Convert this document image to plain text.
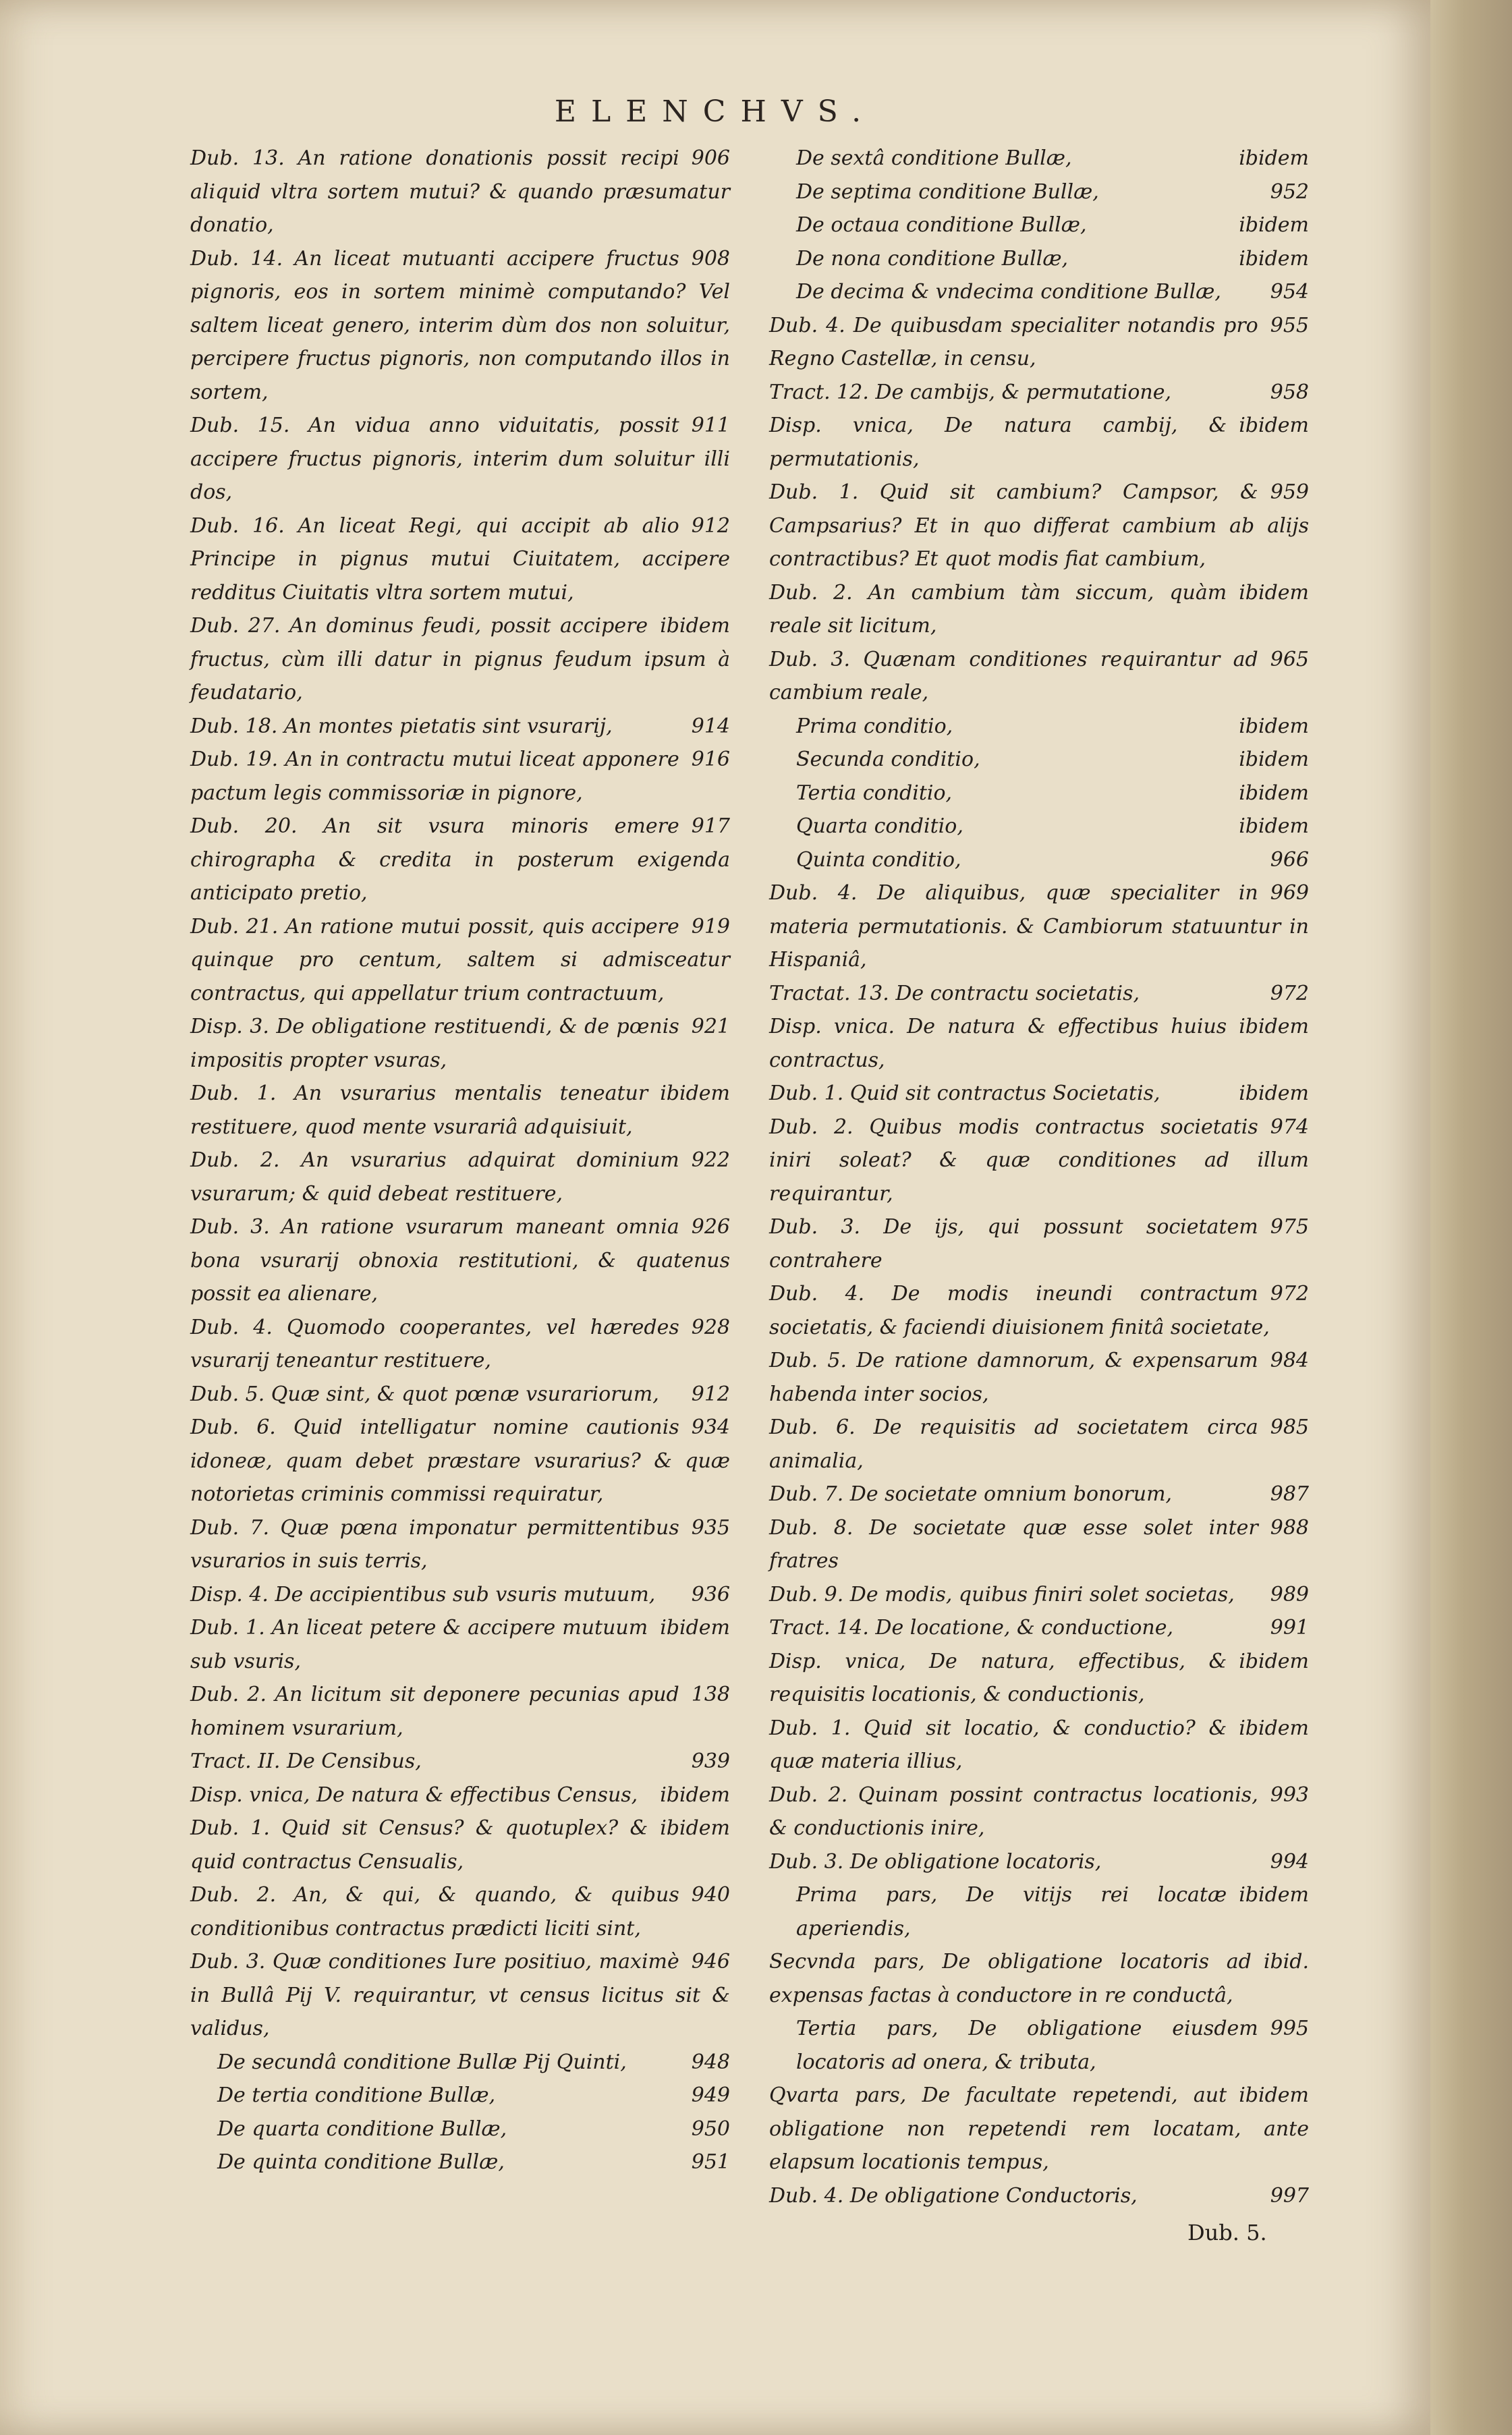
ELENCHVS.
906
Dub. 13. An ratione donationis possit recipi aliquid vltra sortem mutui? & quando præsumatur donatio,
908
Dub. 14. An liceat mutuanti accipere fructus pignoris, eos in sortem minimè computando? Vel saltem liceat genero, interim dùm dos non soluitur, percipere fructus pignoris, non computando illos in sortem,
911
Dub. 15. An vidua anno viduitatis, possit accipere fructus pignoris, interim dum soluitur illi dos,
912
Dub. 16. An liceat Regi, qui accipit ab alio Principe in pignus mutui Ciuitatem, accipere redditus Ciuitatis vltra sortem mutui,
ibidem
Dub. 27. An dominus feudi, possit accipere fructus, cùm illi datur in pignus feudum ipsum à feudatario,
914
Dub. 18. An montes pietatis sint vsurarij,
916
Dub. 19. An in contractu mutui liceat apponere pactum legis commissoriæ in pignore,
917
Dub. 20. An sit vsura minoris emere chirographa & credita in posterum exigenda anticipato pretio,
919
Dub. 21. An ratione mutui possit, quis accipere quinque pro centum, saltem si admisceatur contractus, qui appellatur trium contractuum,
921
Disp. 3. De obligatione restituendi, & de pœnis impositis propter vsuras,
ibidem
Dub. 1. An vsurarius mentalis teneatur restituere, quod mente vsurariâ adquisiuit,
922
Dub. 2. An vsurarius adquirat dominium vsurarum; & quid debeat restituere,
926
Dub. 3. An ratione vsurarum maneant omnia bona vsurarij obnoxia restitutioni, & quatenus possit ea alienare,
928
Dub. 4. Quomodo cooperantes, vel hæredes vsurarij teneantur restituere,
912
Dub. 5. Quæ sint, & quot pœnæ vsurariorum,
934
Dub. 6. Quid intelligatur nomine cautionis idoneæ, quam debet præstare vsurarius? & quæ notorietas criminis commissi requiratur,
935
Dub. 7. Quæ pœna imponatur permittentibus vsurarios in suis terris,
936
Disp. 4. De accipientibus sub vsuris mutuum,
ibidem
Dub. 1. An liceat petere & accipere mutuum sub vsuris,
138
Dub. 2. An licitum sit deponere pecunias apud hominem vsurarium,
939
Tract. II. De Censibus,
ibidem
Disp. vnica, De natura & effectibus Census,
ibidem
Dub. 1. Quid sit Census? & quotuplex? & quid contractus Censualis,
940
Dub. 2. An, & qui, & quando, & quibus conditionibus contractus prædicti liciti sint,
946
Dub. 3. Quæ conditiones Iure positiuo, maximè in Bullâ Pij V. requirantur, vt census licitus sit & validus,
948
De secundâ conditione Bullæ Pij Quinti,
949
De tertia conditione Bullæ,
950
De quarta conditione Bullæ,
951
De quinta conditione Bullæ,
ibidem
De sextâ conditione Bullæ,
952
De septima conditione Bullæ,
ibidem
De octaua conditione Bullæ,
ibidem
De nona conditione Bullæ,
954
De decima & vndecima conditione Bullæ,
955
Dub. 4. De quibusdam specialiter notandis pro Regno Castellæ, in censu,
958
Tract. 12. De cambijs, & permutatione,
ibidem
Disp. vnica, De natura cambij, & permutationis,
959
Dub. 1. Quid sit cambium? Campsor, & Campsarius? Et in quo differat cambium ab alijs contractibus? Et quot modis fiat cambium,
ibidem
Dub. 2. An cambium tàm siccum, quàm reale sit licitum,
965
Dub. 3. Quænam conditiones requirantur ad cambium reale,
ibidem
Prima conditio,
ibidem
Secunda conditio,
ibidem
Tertia conditio,
ibidem
Quarta conditio,
966
Quinta conditio,
969
Dub. 4. De aliquibus, quæ specialiter in materia permutationis. & Cambiorum statuuntur in Hispaniâ,
972
Tractat. 13. De contractu societatis,
ibidem
Disp. vnica. De natura & effectibus huius contractus,
ibidem
Dub. 1. Quid sit contractus Societatis,
974
Dub. 2. Quibus modis contractus societatis iniri soleat? & quæ conditiones ad illum requirantur,
975
Dub. 3. De ijs, qui possunt societatem contrahere
972
Dub. 4. De modis ineundi contractum societatis, & faciendi diuisionem finitâ societate,
984
Dub. 5. De ratione damnorum, & expensarum habenda inter socios,
985
Dub. 6. De requisitis ad societatem circa animalia,
987
Dub. 7. De societate omnium bonorum,
988
Dub. 8. De societate quæ esse solet inter fratres
989
Dub. 9. De modis, quibus finiri solet societas,
991
Tract. 14. De locatione, & conductione,
ibidem
Disp. vnica, De natura, effectibus, & requisitis locationis, & conductionis,
ibidem
Dub. 1. Quid sit locatio, & conductio? & quæ materia illius,
993
Dub. 2. Quinam possint contractus locationis, & conductionis inire,
994
Dub. 3. De obligatione locatoris,
ibidem
Prima pars, De vitijs rei locatæ aperiendis,
ibid.
Secvnda pars, De obligatione locatoris ad expensas factas à conductore in re conductâ,
995
Tertia pars, De obligatione eiusdem locatoris ad onera, & tributa,
ibidem
Qvarta pars, De facultate repetendi, aut obligatione non repetendi rem locatam, ante elapsum locationis tempus,
997
Dub. 4. De obligatione Conductoris,
Dub. 5.
